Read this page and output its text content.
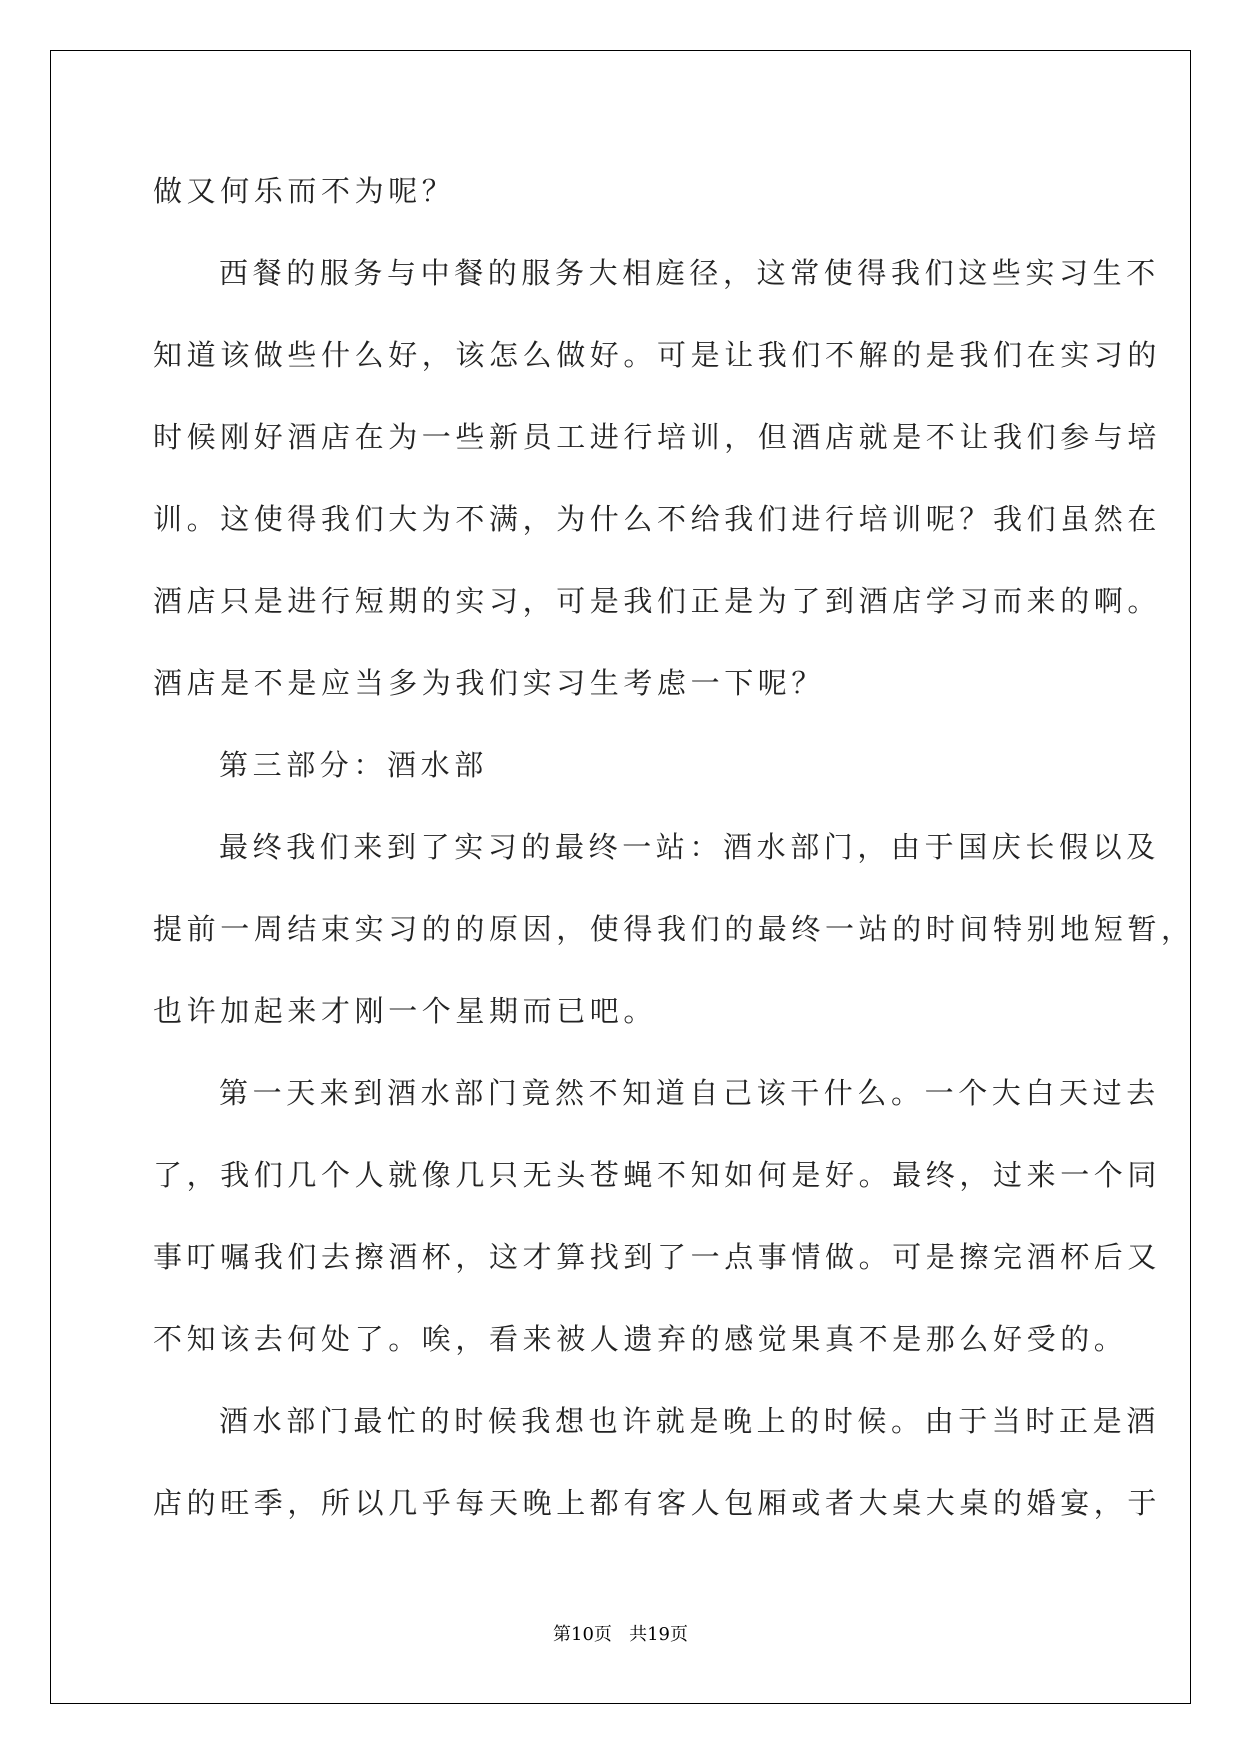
做又何乐而不为呢？
西餐的服务与中餐的服务大相庭径，这常使得我们这些实习生不
知道该做些什么好，该怎么做好。可是让我们不解的是我们在实习的
时候刚好酒店在为一些新员工进行培训，但酒店就是不让我们参与培
训。这使得我们大为不满，为什么不给我们进行培训呢？我们虽然在
酒店只是进行短期的实习，可是我们正是为了到酒店学习而来的啊。
酒店是不是应当多为我们实习生考虑一下呢？
第三部分：酒水部
最终我们来到了实习的最终一站：酒水部门，由于国庆长假以及
提前一周结束实习的的原因，使得我们的最终一站的时间特别地短暂，
也许加起来才刚一个星期而已吧。
第一天来到酒水部门竟然不知道自己该干什么。一个大白天过去
了，我们几个人就像几只无头苍蝇不知如何是好。最终，过来一个同
事叮嘱我们去擦酒杯，这才算找到了一点事情做。可是擦完酒杯后又
不知该去何处了。唉，看来被人遗弃的感觉果真不是那么好受的。
酒水部门最忙的时候我想也许就是晚上的时候。由于当时正是酒
店的旺季，所以几乎每天晚上都有客人包厢或者大桌大桌的婚宴，于
第10页 共19页
